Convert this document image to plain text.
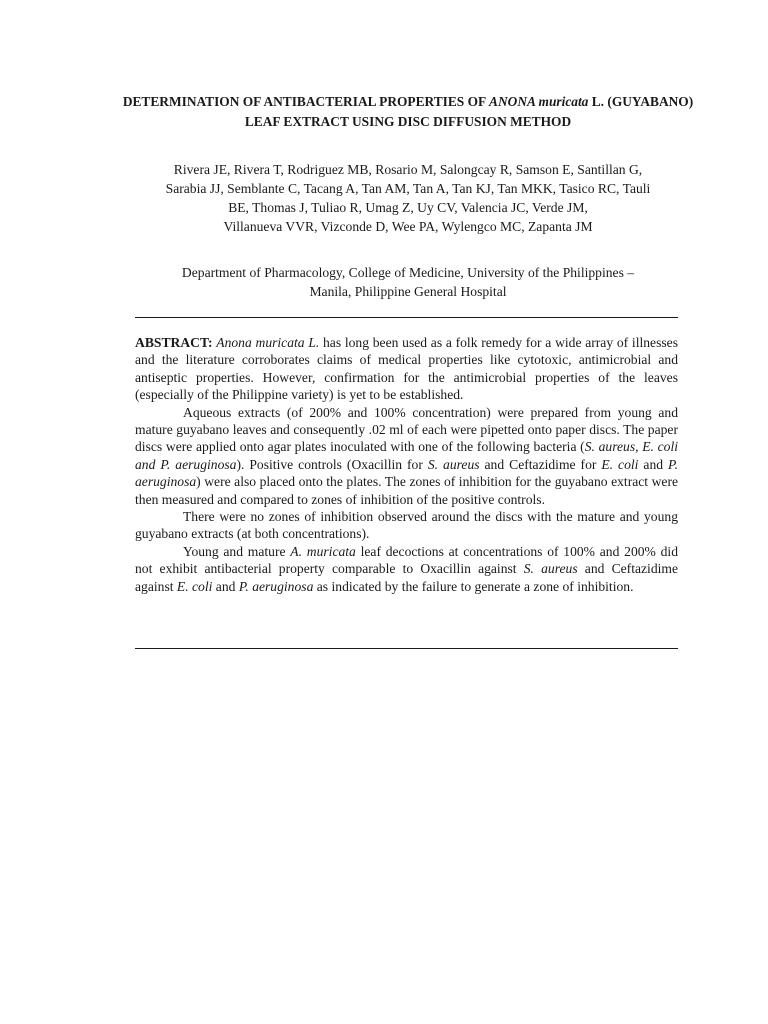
DETERMINATION OF ANTIBACTERIAL PROPERTIES OF ANONA muricata L. (GUYABANO) LEAF EXTRACT USING DISC DIFFUSION METHOD
Rivera JE, Rivera T, Rodriguez MB, Rosario M, Salongcay R, Samson E, Santillan G,
Sarabia JJ, Semblante C, Tacang A, Tan AM, Tan A, Tan KJ, Tan MKK, Tasico RC, Tauli
BE, Thomas J, Tuliao R, Umag Z, Uy CV, Valencia JC, Verde JM,
Villanueva VVR, Vizconde D, Wee PA, Wylengco MC, Zapanta JM
Department of Pharmacology, College of Medicine, University of the Philippines –
Manila, Philippine General Hospital

ABSTRACT: Anona muricata L. has long been used as a folk remedy for a wide array of illnesses and the literature corroborates claims of medical properties like cytotoxic, antimicrobial and antiseptic properties. However, confirmation for the antimicrobial properties of the leaves (especially of the Philippine variety) is yet to be established.

Aqueous extracts (of 200% and 100% concentration) were prepared from young and mature guyabano leaves and consequently .02 ml of each were pipetted onto paper discs. The paper discs were applied onto agar plates inoculated with one of the following bacteria (S. aureus, E. coli and P. aeruginosa). Positive controls (Oxacillin for S. aureus and Ceftazidime for E. coli and P. aeruginosa) were also placed onto the plates. The zones of inhibition for the guyabano extract were then measured and compared to zones of inhibition of the positive controls.

There were no zones of inhibition observed around the discs with the mature and young guyabano extracts (at both concentrations).

Young and mature A. muricata leaf decoctions at concentrations of 100% and 200% did not exhibit antibacterial property comparable to Oxacillin against S. aureus and Ceftazidime against E. coli and P. aeruginosa as indicated by the failure to generate a zone of inhibition.
